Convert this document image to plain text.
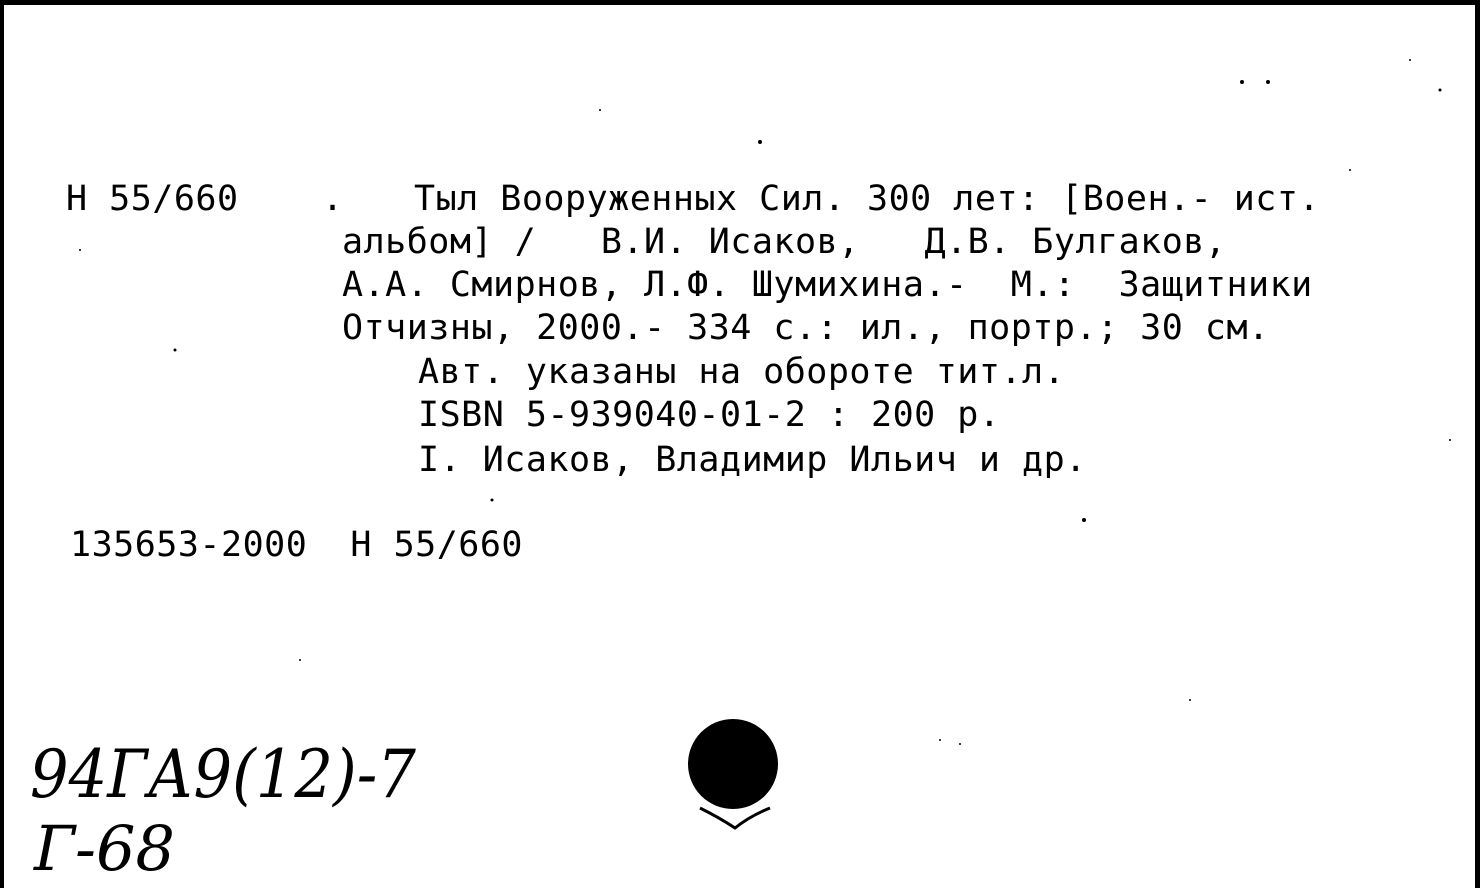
Н 55/660 . Тыл Вооруженных Сил. 300 лет: [Воен.- ист.
альбом] /   В.И. Исаков,   Д.В. Булгаков,
А.А. Смирнов, Л.Ф. Шумихина.-  М.:  Защитники
Отчизны, 2000.- 334 с.: ил., портр.; 30 см.
Авт. указаны на обороте тит.л.
ISBN 5-939040-01-2 : 200 р.
I. Исаков, Владимир Ильич и др.
135653-2000  Н 55/660
94ГА9(12)-7
Г-68
